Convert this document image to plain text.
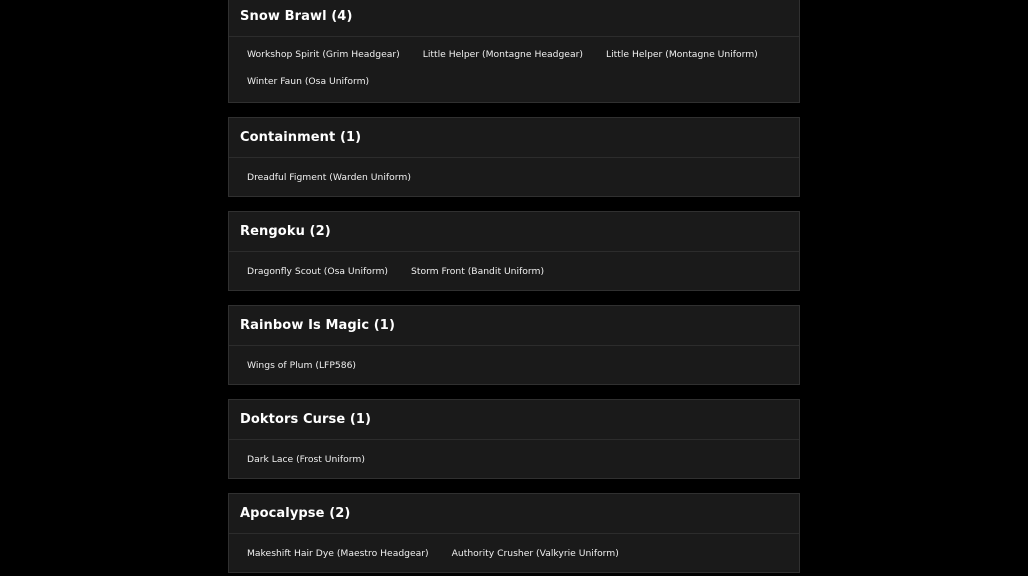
Snow Brawl (4)
Workshop Spirit (Grim Headgear)	Little Helper (Montagne Headgear)	Little Helper (Montagne Uniform)
Winter Faun (Osa Uniform)
Containment (1)
Dreadful Figment (Warden Uniform)
Rengoku (2)
Dragonfly Scout (Osa Uniform)	Storm Front (Bandit Uniform)
Rainbow Is Magic (1)
Wings of Plum (LFP586)
Doktors Curse (1)
Dark Lace (Frost Uniform)
Apocalypse (2)
Makeshift Hair Dye (Maestro Headgear)	Authority Crusher (Valkyrie Uniform)
